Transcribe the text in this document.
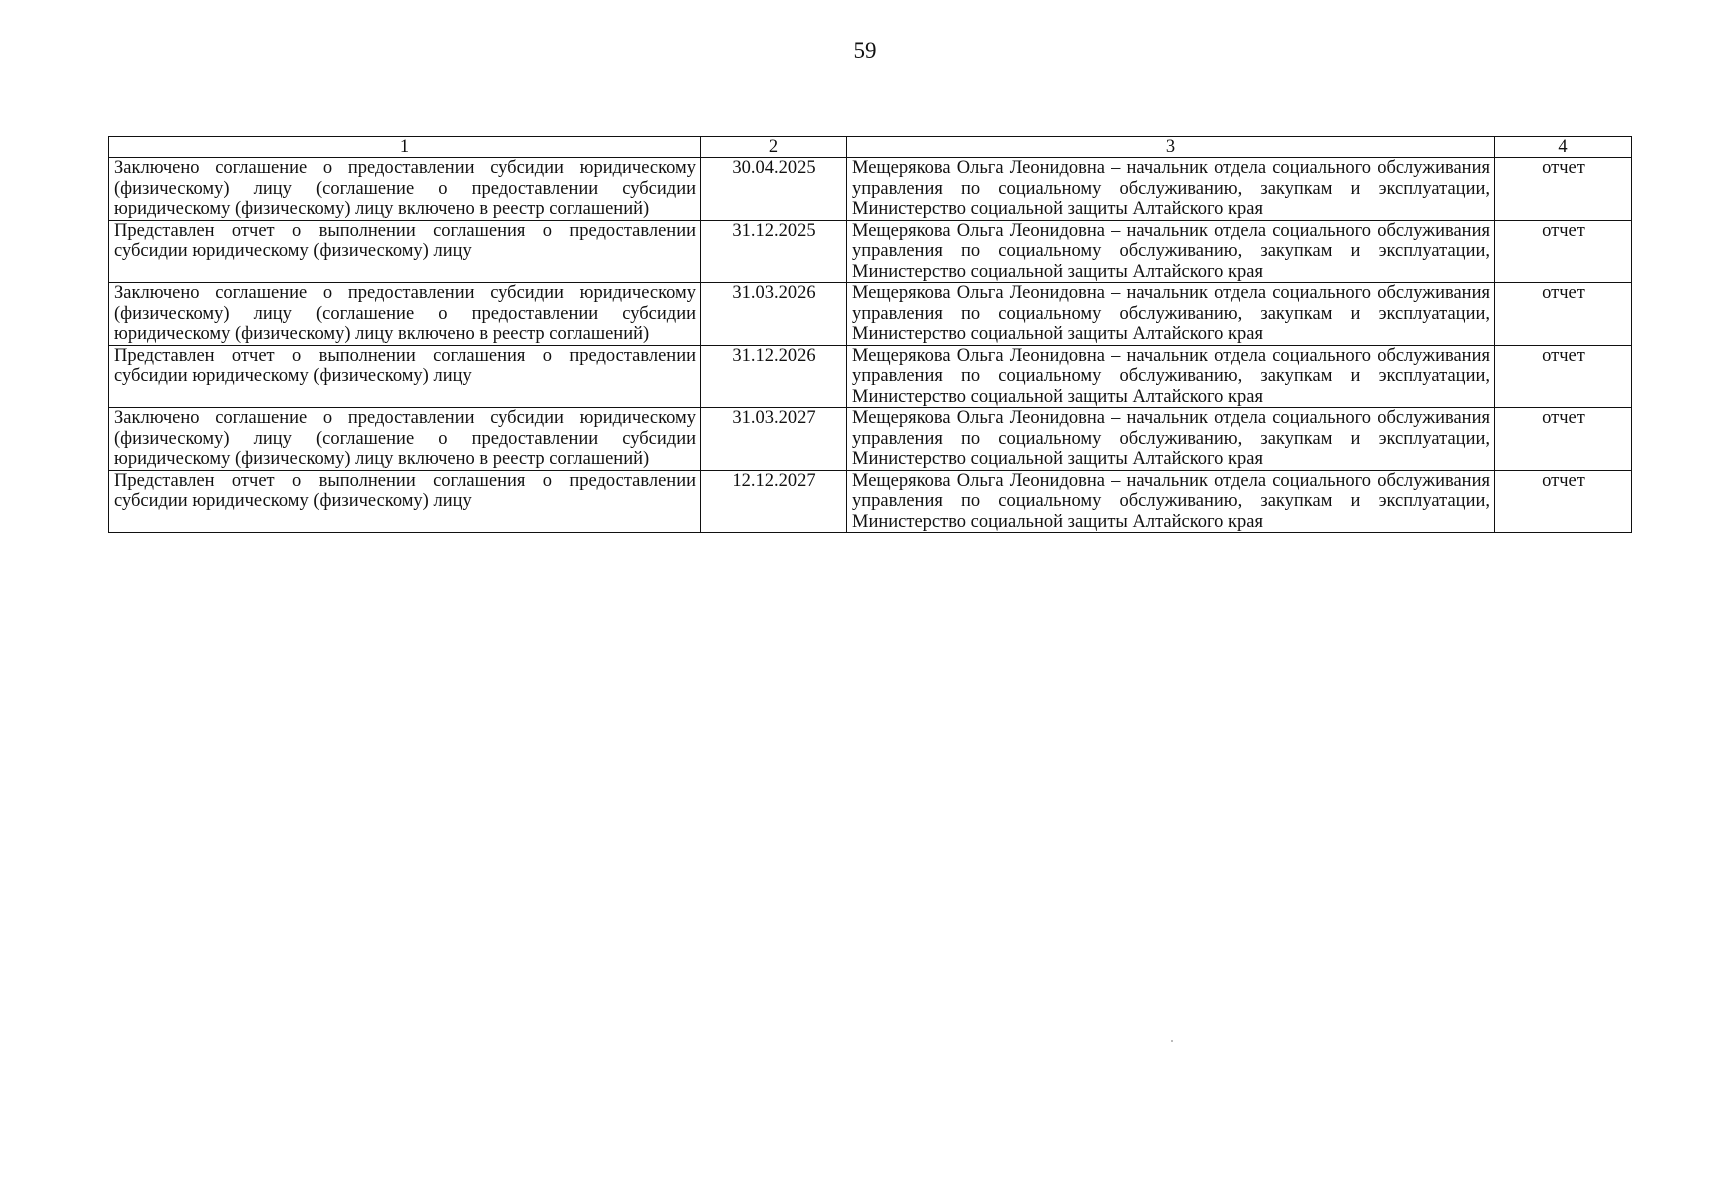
59
1	2	3	4
Заключено соглашение о предоставлении субсидии юридическому (физическому) лицу (соглашение о предоставлении субсидии юридическому (физическому) лицу включено в реестр соглашений)	30.04.2025	Мещерякова Ольга Леонидовна – начальник отдела социального обслуживания управления по социальному обслуживанию, закупкам и эксплуатации, Министерство социальной защиты Алтайского края	отчет
Представлен отчет о выполнении соглашения о предоставлении субсидии юридическому (физическому) лицу	31.12.2025	Мещерякова Ольга Леонидовна – начальник отдела социального обслуживания управления по социальному обслуживанию, закупкам и эксплуатации, Министерство социальной защиты Алтайского края	отчет
Заключено соглашение о предоставлении субсидии юридическому (физическому) лицу (соглашение о предоставлении субсидии юридическому (физическому) лицу включено в реестр соглашений)	31.03.2026	Мещерякова Ольга Леонидовна – начальник отдела социального обслуживания управления по социальному обслуживанию, закупкам и эксплуатации, Министерство социальной защиты Алтайского края	отчет
Представлен отчет о выполнении соглашения о предоставлении субсидии юридическому (физическому) лицу	31.12.2026	Мещерякова Ольга Леонидовна – начальник отдела социального обслуживания управления по социальному обслуживанию, закупкам и эксплуатации, Министерство социальной защиты Алтайского края	отчет
Заключено соглашение о предоставлении субсидии юридическому (физическому) лицу (соглашение о предоставлении субсидии юридическому (физическому) лицу включено в реестр соглашений)	31.03.2027	Мещерякова Ольга Леонидовна – начальник отдела социального обслуживания управления по социальному обслуживанию, закупкам и эксплуатации, Министерство социальной защиты Алтайского края	отчет
Представлен отчет о выполнении соглашения о предоставлении субсидии юридическому (физическому) лицу	12.12.2027	Мещерякова Ольга Леонидовна – начальник отдела социального обслуживания управления по социальному обслуживанию, закупкам и эксплуатации, Министерство социальной защиты Алтайского края	отчет
